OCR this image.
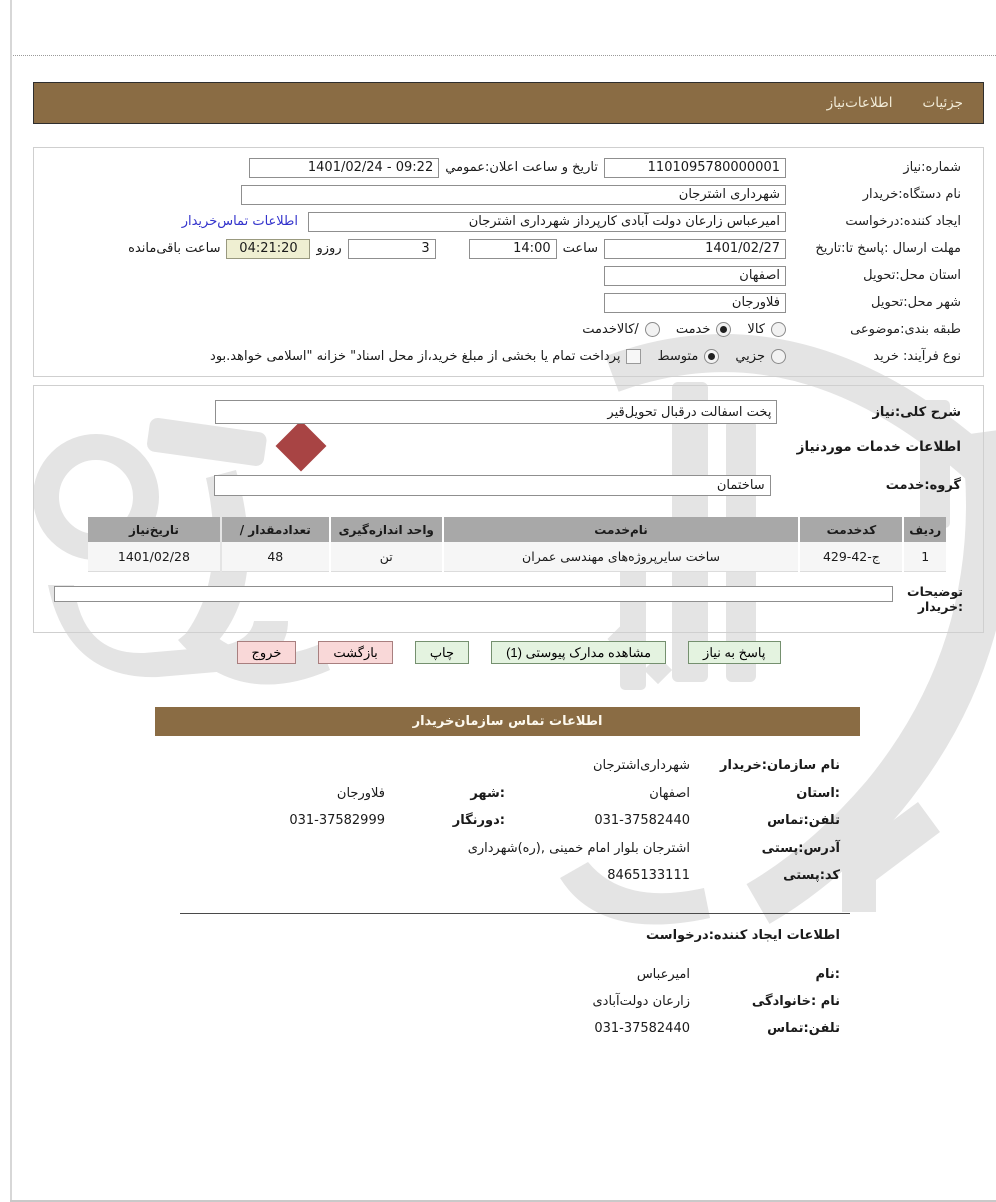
جزئیات
اطلاعات‌نیاز
شماره:نیاز
1101095780000001
تاریخ و ساعت اعلان:عمومي
1401/02/24 - 09:22
نام دستگاه:خریدار
شهرداری اشترجان
ایجاد کننده:درخواست
امیرعباس زارعان دولت آبادی کارپرداز شهرداری اشترجان
اطلاعات تماس‌خریدار
مهلت ارسال :پاسخ تا:تاریخ
1401/02/27
ساعت
14:00
3
روزو
04:21:20
ساعت باقی‌مانده
استان محل:تحویل
اصفهان
شهر محل:تحویل
فلاورجان
طبقه بندی:موضوعی
کالا
خدمت
/کالاخدمت
نوع فرآیند: خرید
جزيي
متوسط
پرداخت تمام یا بخشی از مبلغ خرید،از محل اسناد" خزانه "اسلامی خواهد.بود
شرح کلی:نیاز
پخت اسفالت درقبال تحویل‌قیر
اطلاعات خدمات موردنیاز
گروه:خدمت
ساختمان
ردیف
کدخدمت
نام‌خدمت
واحد اندازه‌گیری
تعدادمقدار /
تاریخ‌نیاز
1
ج-42-429
ساخت سایرپروژه‌های مهندسی عمران
تن
48
1401/02/28
توضیحات
:خریدار
پاسخ به نیاز
مشاهده مدارک پیوستی (1)
چاپ
بازگشت
خروج
اطلاعات تماس سازمان‌خریدار
نام سازمان:خریدار
شهرداری‌اشترجان
:استان
اصفهان
:شهر
فلاورجان
تلفن:تماس
031-37582440
:دورنگار
031-37582999
آدرس:پستی
اشترجان بلوار امام خمینی ,(ره)شهرداری
کد:پستی
8465133111
اطلاعات ایجاد کننده:درخواست
:نام
امیرعباس
نام :خانوادگی
زارعان دولت‌آبادی
تلفن:تماس
031-37582440
